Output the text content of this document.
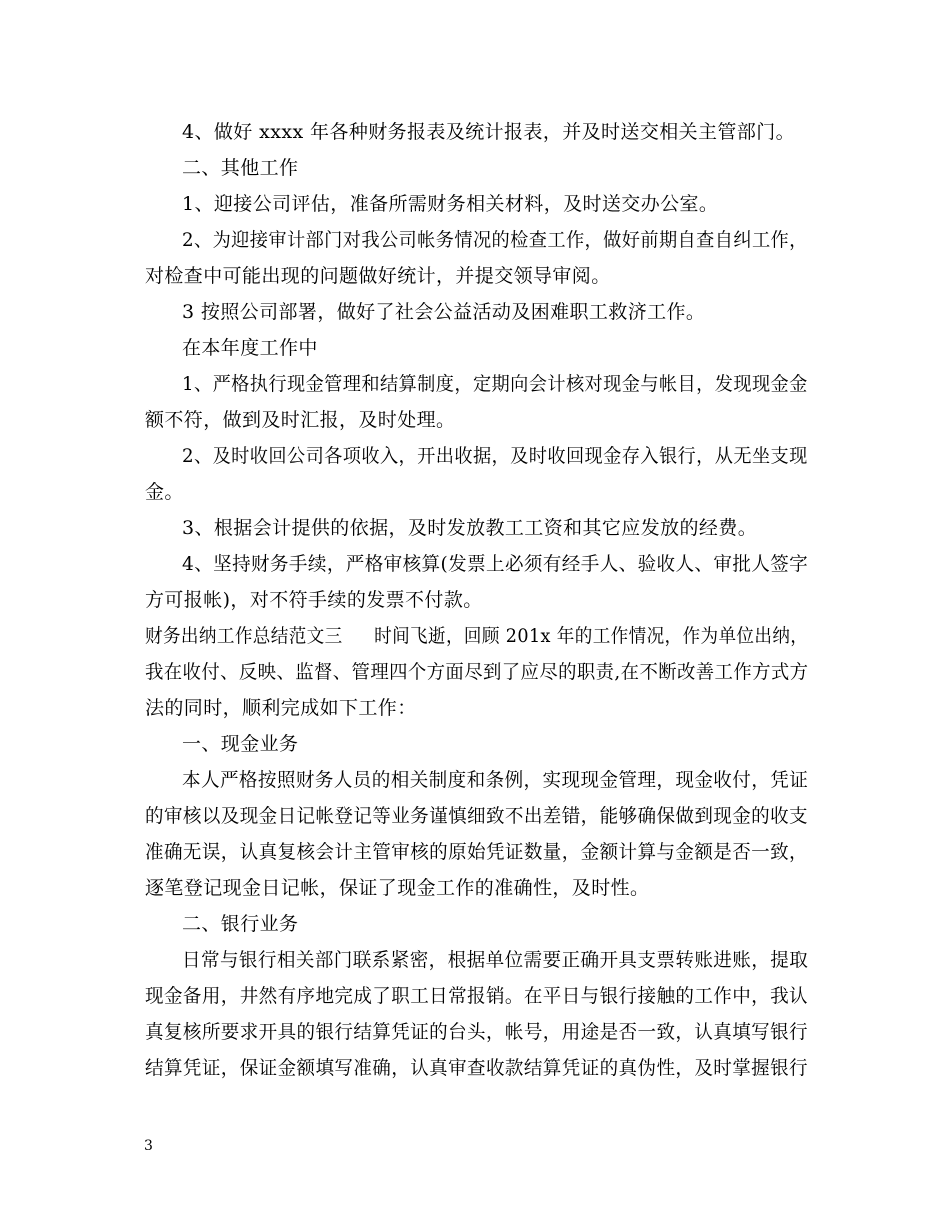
4、做好 xxxx 年各种财务报表及统计报表，并及时送交相关主管部门。
二、其他工作
1、迎接公司评估，准备所需财务相关材料，及时送交办公室。
2、为迎接审计部门对我公司帐务情况的检查工作，做好前期自查自纠工作，
对检查中可能出现的问题做好统计，并提交领导审阅。
3 按照公司部署，做好了社会公益活动及困难职工救济工作。
在本年度工作中
1、严格执行现金管理和结算制度，定期向会计核对现金与帐目，发现现金金
额不符，做到及时汇报，及时处理。
2、及时收回公司各项收入，开出收据，及时收回现金存入银行，从无坐支现
金。
3、根据会计提供的依据，及时发放教工工资和其它应发放的经费。
4、坚持财务手续，严格审核算(发票上必须有经手人、验收人、审批人签字
方可报帐)，对不符手续的发票不付款。
财务出纳工作总结范文三 时间飞逝，回顾 201x 年的工作情况，作为单位出纳，
我在收付、反映、监督、管理四个方面尽到了应尽的职责,在不断改善工作方式方
法的同时，顺利完成如下工作：
一、现金业务
本人严格按照财务人员的相关制度和条例，实现现金管理，现金收付，凭证
的审核以及现金日记帐登记等业务谨慎细致不出差错，能够确保做到现金的收支
准确无误，认真复核会计主管审核的原始凭证数量，金额计算与金额是否一致，
逐笔登记现金日记帐，保证了现金工作的准确性，及时性。
二、银行业务
日常与银行相关部门联系紧密，根据单位需要正确开具支票转账进账，提取
现金备用，井然有序地完成了职工日常报销。在平日与银行接触的工作中，我认
真复核所要求开具的银行结算凭证的台头，帐号，用途是否一致，认真填写银行
结算凭证，保证金额填写准确，认真审查收款结算凭证的真伪性，及时掌握银行
3
